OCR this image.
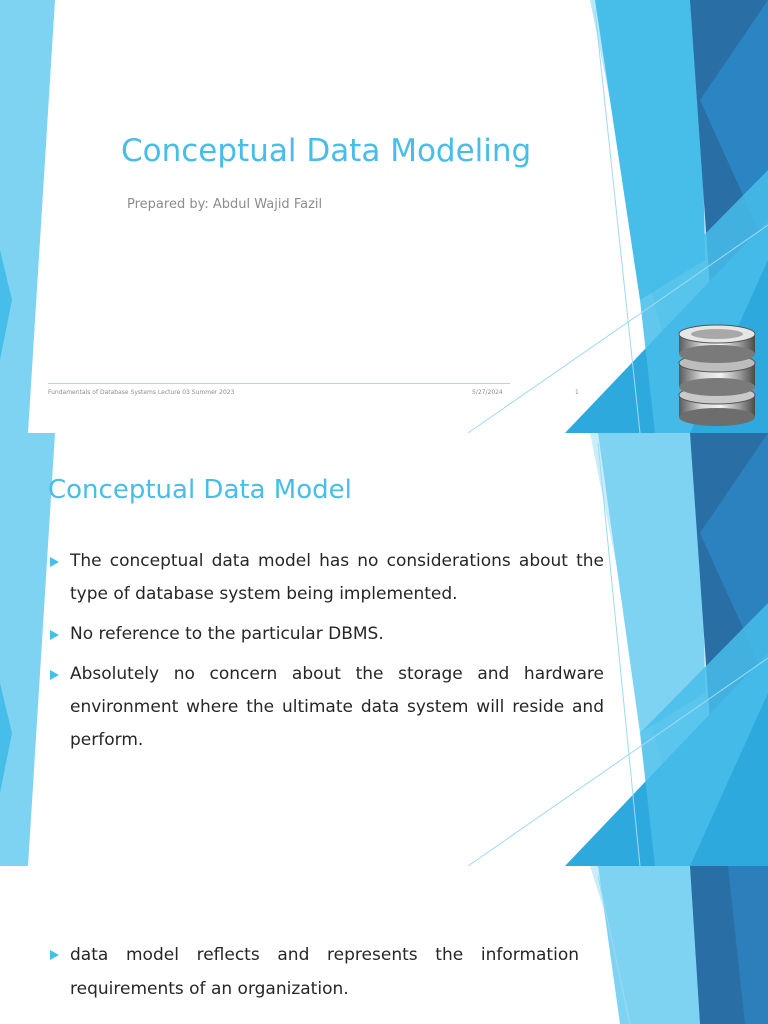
Conceptual Data Modeling

Prepared by: Abdul Wajid Fazil

Fundamentals of Database Systems Lecture 03 Summer 2023	5/27/2024	1
Conceptual Data Model
The conceptual data model has no considerations about the type of database system being implemented.
No reference to the particular DBMS.
Absolutely no concern about the storage and hardware environment where the ultimate data system will reside and perform.
data model reflects and represents the information requirements of an organization.
